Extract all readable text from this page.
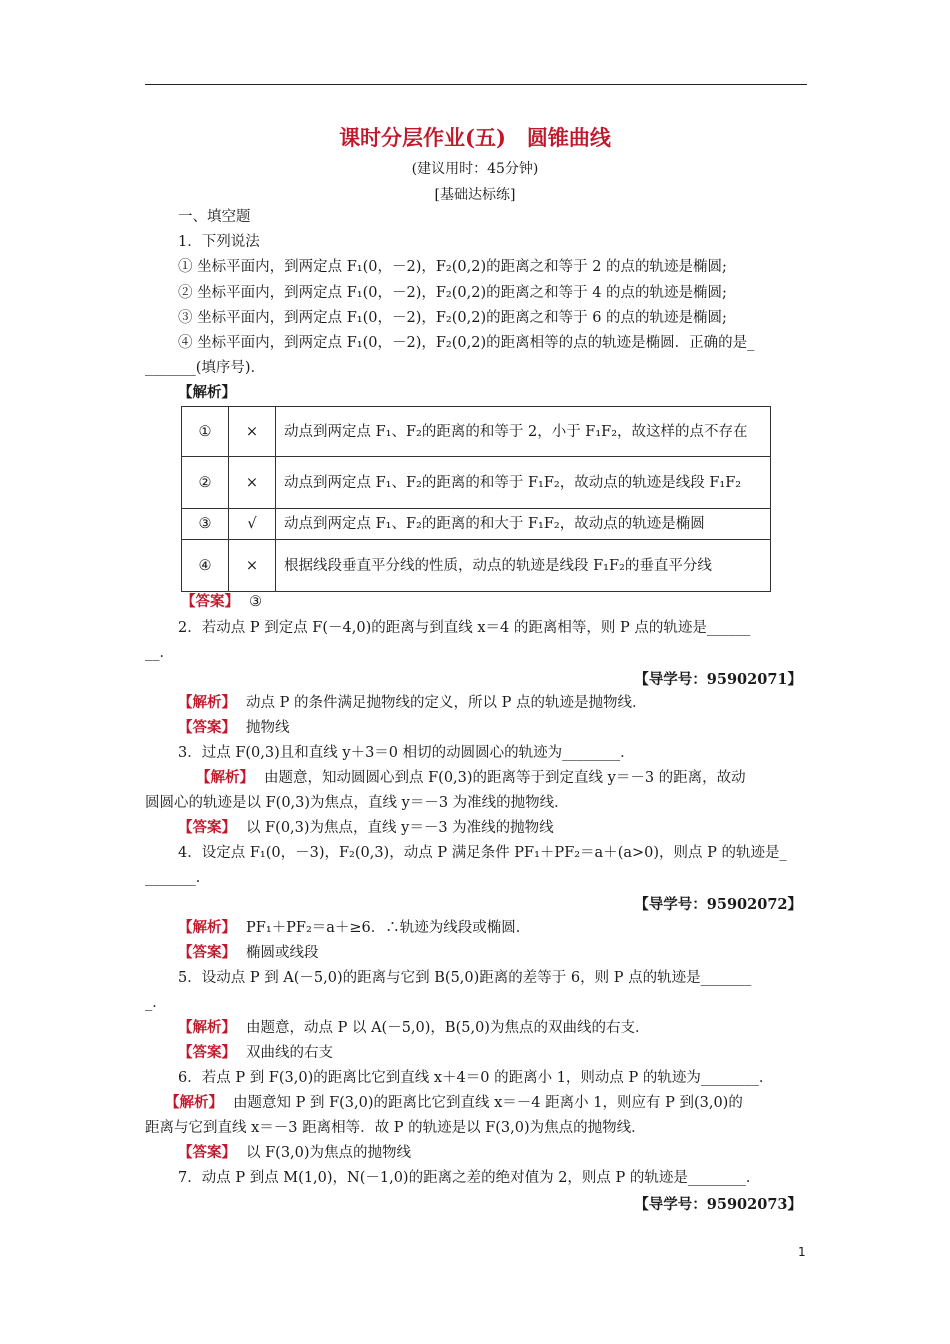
课时分层作业(五)　圆锥曲线
(建议用时：45分钟)
[基础达标练]
一、填空题
1．下列说法
① 坐标平面内，到两定点 F₁(0，－2)，F₂(0,2)的距离之和等于 2 的点的轨迹是椭圆;
② 坐标平面内，到两定点 F₁(0，－2)，F₂(0,2)的距离之和等于 4 的点的轨迹是椭圆;
③ 坐标平面内，到两定点 F₁(0，－2)，F₂(0,2)的距离之和等于 6 的点的轨迹是椭圆;
④ 坐标平面内，到两定点 F₁(0，－2)，F₂(0,2)的距离相等的点的轨迹是椭圆．正确的是_
_______(填序号)．
【解析】
①	×	动点到两定点 F₁、F₂的距离的和等于 2，小于 F₁F₂，故这样的点不存在
②	×	动点到两定点 F₁、F₂的距离的和等于 F₁F₂，故动点的轨迹是线段 F₁F₂
③	√	动点到两定点 F₁、F₂的距离的和大于 F₁F₂，故动点的轨迹是椭圆
④	×	根据线段垂直平分线的性质，动点的轨迹是线段 F₁F₂的垂直平分线
【答案】 ③
2．若动点 P 到定点 F(－4,0)的距离与到直线 x＝4 的距离相等，则 P 点的轨迹是______
__．
【导学号：95902071】
【解析】 动点 P 的条件满足抛物线的定义，所以 P 点的轨迹是抛物线．
【答案】 抛物线
3．过点 F(0,3)且和直线 y＋3＝0 相切的动圆圆心的轨迹为________．
【解析】 由题意，知动圆圆心到点 F(0,3)的距离等于到定直线 y＝－3 的距离，故动
圆圆心的轨迹是以 F(0,3)为焦点，直线 y＝－3 为准线的抛物线．
【答案】 以 F(0,3)为焦点，直线 y＝－3 为准线的抛物线
4．设定点 F₁(0，－3)，F₂(0,3)，动点 P 满足条件 PF₁＋PF₂＝a＋(a>0)，则点 P 的轨迹是_
_______．
【导学号：95902072】
【解析】 PF₁＋PF₂＝a＋≥6．∴轨迹为线段或椭圆．
【答案】 椭圆或线段
5．设动点 P 到 A(－5,0)的距离与它到 B(5,0)距离的差等于 6，则 P 点的轨迹是_______
_．
【解析】 由题意，动点 P 以 A(－5,0)，B(5,0)为焦点的双曲线的右支．
【答案】 双曲线的右支
6．若点 P 到 F(3,0)的距离比它到直线 x＋4＝0 的距离小 1，则动点 P 的轨迹为________．
【解析】 由题意知 P 到 F(3,0)的距离比它到直线 x＝－4 距离小 1，则应有 P 到(3,0)的
距离与它到直线 x＝－3 距离相等．故 P 的轨迹是以 F(3,0)为焦点的抛物线．
【答案】 以 F(3,0)为焦点的抛物线
7．动点 P 到点 M(1,0)，N(－1,0)的距离之差的绝对值为 2，则点 P 的轨迹是________．
【导学号：95902073】
1
